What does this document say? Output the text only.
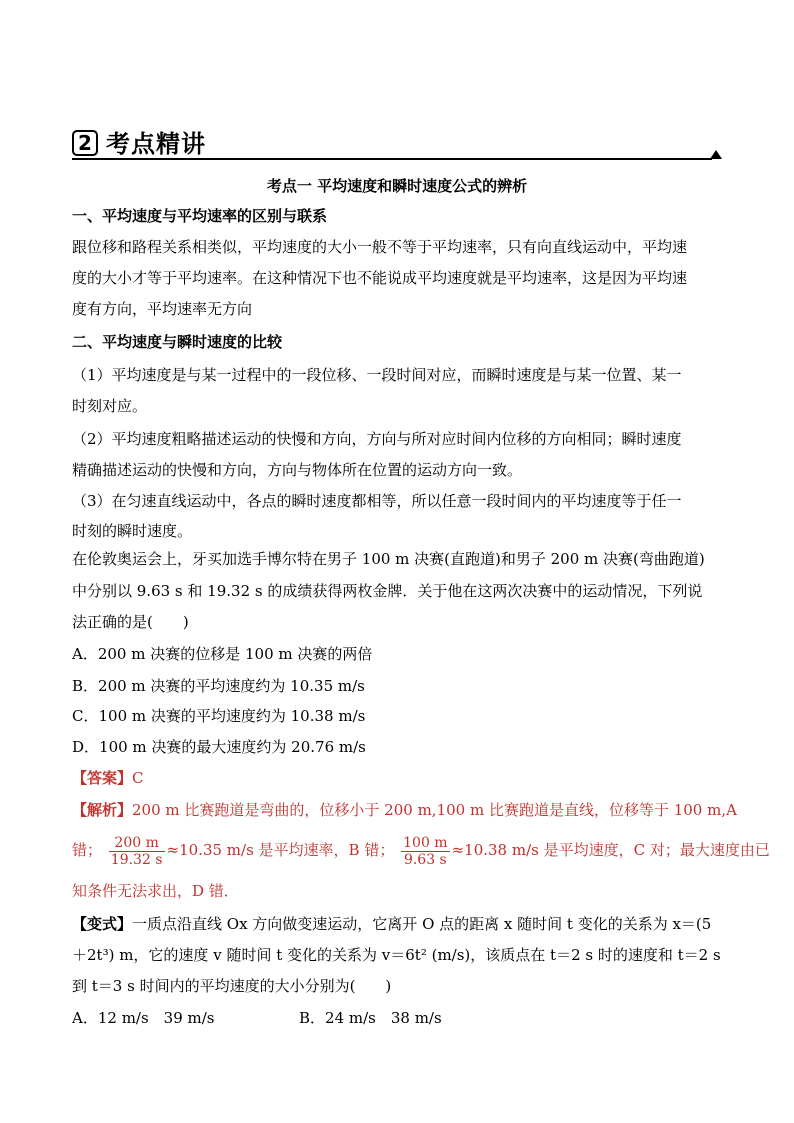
2 考点精讲
考点一 平均速度和瞬时速度公式的辨析
一、平均速度与平均速率的区别与联系
跟位移和路程关系相类似，平均速度的大小一般不等于平均速率，只有向直线运动中，平均速
度的大小才等于平均速率。在这种情况下也不能说成平均速度就是平均速率，这是因为平均速
度有方向，平均速率无方向
二、平均速度与瞬时速度的比较
（1）平均速度是与某一过程中的一段位移、一段时间对应，而瞬时速度是与某一位置、某一
时刻对应。
（2）平均速度粗略描述运动的快慢和方向，方向与所对应时间内位移的方向相同；瞬时速度
精确描述运动的快慢和方向，方向与物体所在位置的运动方向一致。
（3）在匀速直线运动中，各点的瞬时速度都相等，所以任意一段时间内的平均速度等于任一
时刻的瞬时速度。
在伦敦奥运会上，牙买加选手博尔特在男子 100 m 决赛(直跑道)和男子 200 m 决赛(弯曲跑道)
中分别以 9.63 s 和 19.32 s 的成绩获得两枚金牌．关于他在这两次决赛中的运动情况，下列说
法正确的是(　　)
A．200 m 决赛的位移是 100 m 决赛的两倍
B．200 m 决赛的平均速度约为 10.35 m/s
C．100 m 决赛的平均速度约为 10.38 m/s
D．100 m 决赛的最大速度约为 20.76 m/s
【答案】C
【解析】200 m 比赛跑道是弯曲的，位移小于 200 m,100 m 比赛跑道是直线，位移等于 100 m,A
错； $\frac{200 m}{19.32 s} \approx 10.35$ m/s 是平均速率，B 错； $\frac{100 m}{9.63 s} \approx 10.38$ m/s 是平均速度，C 对；最大速度由已
知条件无法求出，D 错．
【变式】一质点沿直线 Ox 方向做变速运动，它离开 O 点的距离 x 随时间 t 变化的关系为 x＝(5
＋2t³) m，它的速度 v 随时间 t 变化的关系为 v＝6t² (m/s)，该质点在 t＝2 s 时的速度和 t＝2 s
到 t＝3 s 时间内的平均速度的大小分别为(　　)
A．12 m/s　39 m/s	B．24 m/s　38 m/s
